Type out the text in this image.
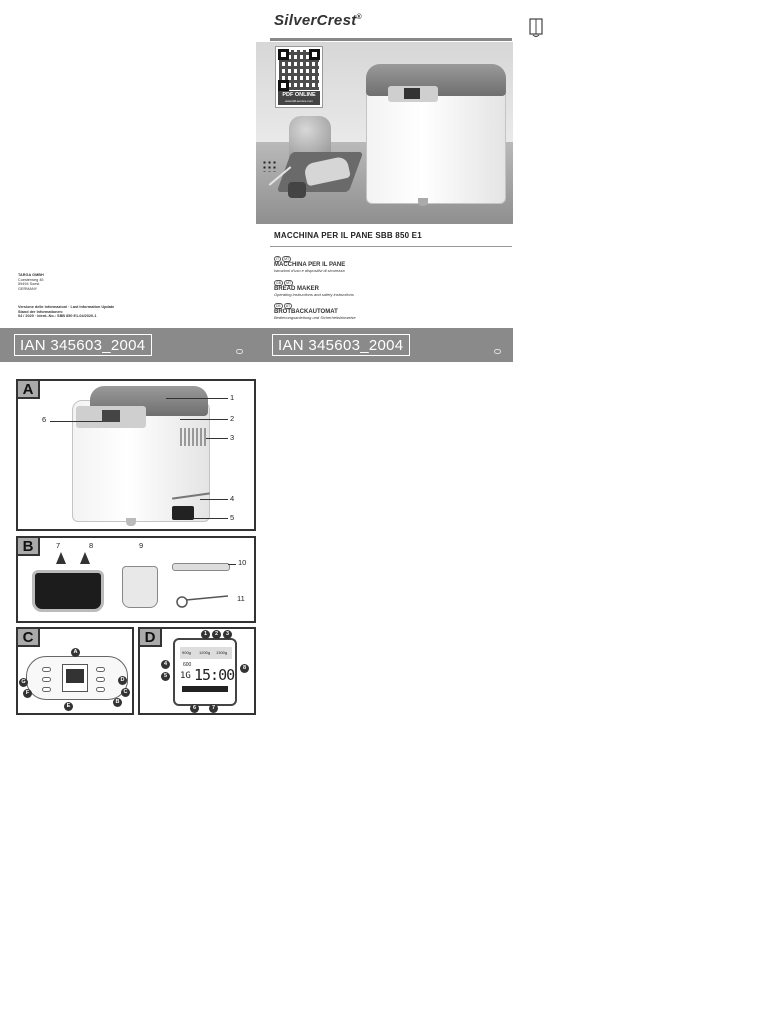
SilverCrest®
PDF ONLINE
www.lidl-service.com
MACCHINA PER IL PANE SBB 850 E1
IT MT
MACCHINA PER IL PANE
Istruzioni d'uso e dispositivi di sicurezza
GB MT
BREAD MAKER
Operating instructions and safety instructions
DE AT
BROTBACKAUTOMAT
Bedienungsanleitung und Sicherheitshinweise
TARGA GMBH
Coesterweg 45
59494 Soest
GERMANY
Versione delle informazioni · Last Information Update
Stand der Informationen:
04 / 2020 · Ident.-No.: SBB 850 E1-04/2020-1
IAN 345603_2004	IAN 345603_2004
A	1
2
3
4
5
6
B	7	8	9
10
11
C
A
B
C
D
E
F
G
D
900g 1200g 1300g
600
1G 15:00
1	2	3
4
5
6	7
8
